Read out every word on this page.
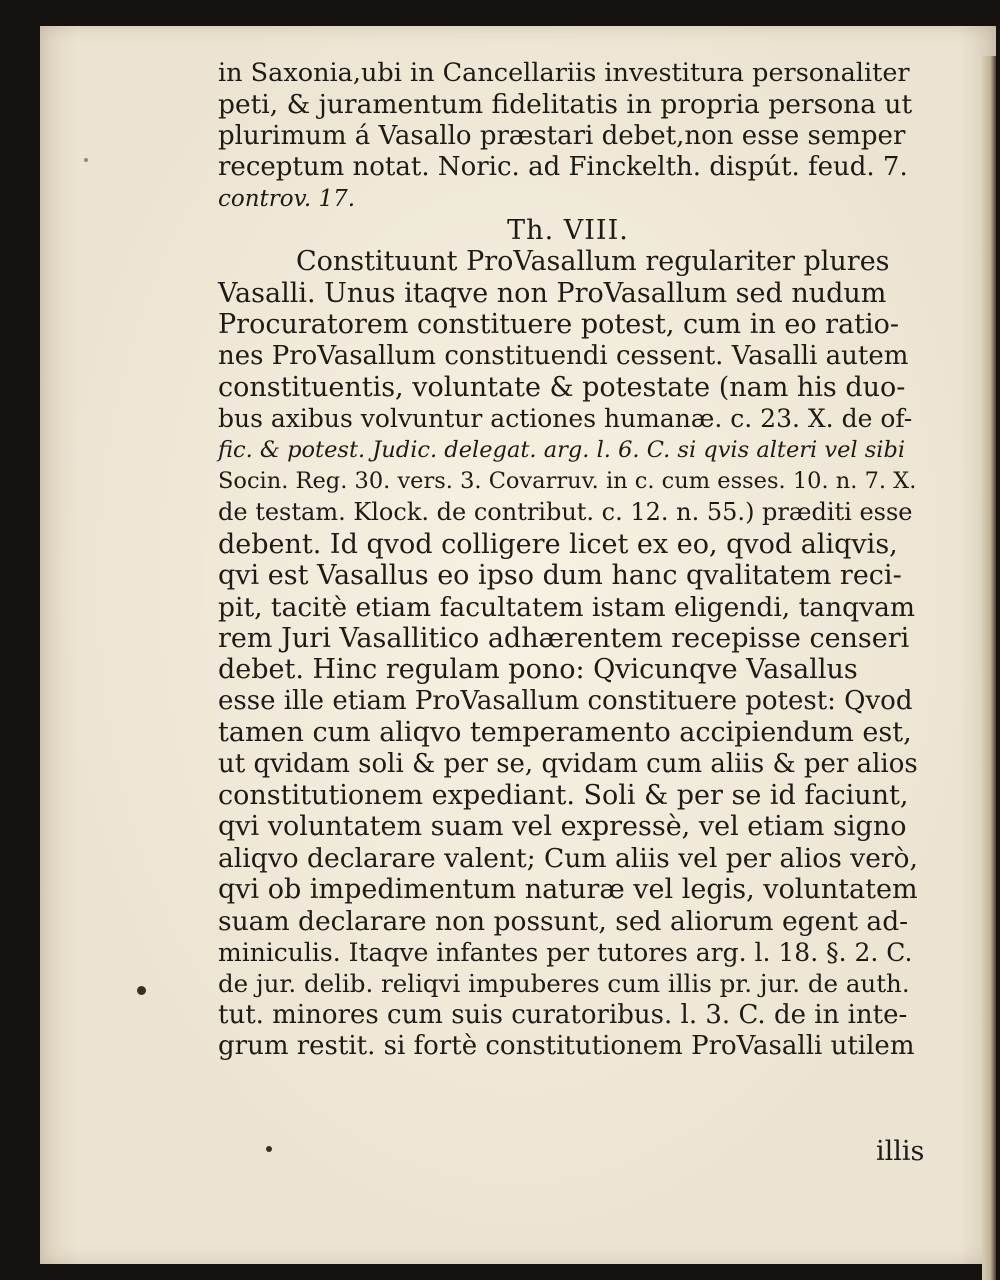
in Saxonia,ubi in Cancellariis investitura personaliter
peti, & juramentum fidelitatis in propria persona ut
plurimum á Vasallo præstari debet,non esse semper
receptum notat. Noric. ad Finckelth. dispút. feud. 7.
controv. 17.
Th. VIII.
Constituunt ProVasallum regulariter plures
Vasalli. Unus itaqve non ProVasallum sed nudum
Procuratorem constituere potest, cum in eo ratio-
nes ProVasallum constituendi cessent. Vasalli autem
constituentis, voluntate & potestate (nam his duo-
bus axibus volvuntur actiones humanæ. c. 23. X. de of-
fic. & potest. Judic. delegat. arg. l. 6. C. si qvis alteri vel sibi
Socin. Reg. 30. vers. 3. Covarruv. in c. cum esses. 10. n. 7. X.
de testam. Klock. de contribut. c. 12. n. 55.) præditi esse
debent. Id qvod colligere licet ex eo, qvod aliqvis,
qvi est Vasallus eo ipso dum hanc qvalitatem reci-
pit, tacitè etiam facultatem istam eligendi, tanqvam
rem Juri Vasallitico adhærentem recepisse censeri
debet. Hinc regulam pono: Qvicunqve Vasallus
esse ille etiam ProVasallum constituere potest: Qvod
tamen cum aliqvo temperamento accipiendum est,
ut qvidam soli & per se, qvidam cum aliis & per alios
constitutionem expediant. Soli & per se id faciunt,
qvi voluntatem suam vel expressè, vel etiam signo
aliqvo declarare valent; Cum aliis vel per alios verò,
qvi ob impedimentum naturæ vel legis, voluntatem
suam declarare non possunt, sed aliorum egent ad-
miniculis. Itaqve infantes per tutores arg. l. 18. §. 2. C.
de jur. delib. reliqvi impuberes cum illis pr. jur. de auth.
tut. minores cum suis curatoribus. l. 3. C. de in inte-
grum restit. si fortè constitutionem ProVasalli utilem
illis
